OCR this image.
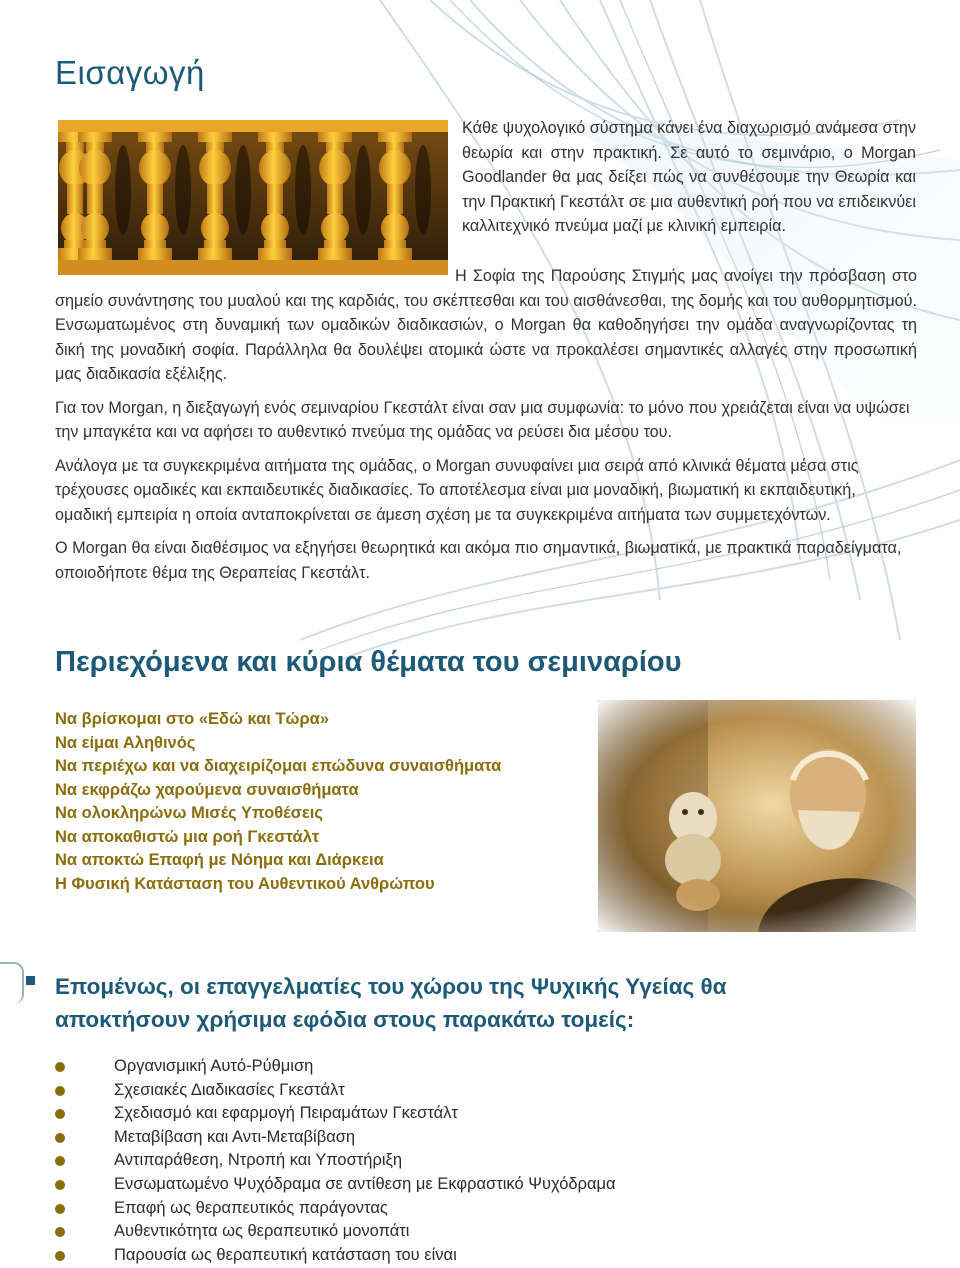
Εισαγωγή

Κάθε ψυχολογικό σύστημα κάνει ένα διαχωρισμό ανάμεσα στην θεωρία και στην πρακτική. Σε αυτό το σεμινάριο, ο Morgan Goodlander θα μας δείξει πώς να συνθέσουμε την Θεωρία και την Πρακτική Γκεστάλτ σε μια αυθεντική ροή που να επιδεικνύει καλλιτεχνικό πνεύμα μαζί με κλινική εμπειρία.

Η Σοφία της Παρούσης Στιγμής μας ανοίγει την πρόσβαση στο σημείο συνάντησης του μυαλού και της καρδιάς, του σκέπτεσθαι και του αισθάνεσθαι, της δομής και του αυθορμητισμού. Ενσωματωμένος στη δυναμική των ομαδικών διαδικασιών, ο Morgan θα καθοδηγήσει την ομάδα αναγνωρίζοντας τη δική της μοναδική σοφία. Παράλληλα θα δουλέψει ατομικά ώστε να προκαλέσει σημαντικές αλλαγές στην προσωπική μας διαδικασία εξέλιξης.

Για τον Morgan, η διεξαγωγή ενός σεμιναρίου Γκεστάλτ είναι σαν μια συμφωνία: το μόνο που χρειάζεται είναι να υψώσει την μπαγκέτα και να αφήσει το αυθεντικό πνεύμα της ομάδας να ρεύσει δια μέσου του.

Ανάλογα με τα συγκεκριμένα αιτήματα της ομάδας, ο Morgan συνυφαίνει μια σειρά από κλινικά θέματα μέσα στις τρέχουσες ομαδικές και εκπαιδευτικές διαδικασίες. Το αποτέλεσμα είναι μια μοναδική, βιωματική κι εκπαιδευτική, ομαδική εμπειρία η οποία ανταποκρίνεται σε άμεση σχέση με τα συγκεκριμένα αιτήματα των συμμετεχόντων.

Ο Morgan θα είναι διαθέσιμος να εξηγήσει θεωρητικά και ακόμα πιο σημαντικά, βιωματικά, με πρακτικά παραδείγματα, οποιοδήποτε θέμα της Θεραπείας Γκεστάλτ.

Περιεχόμενα και κύρια θέματα του σεμιναρίου
Να βρίσκομαι στο «Εδώ και Τώρα»
Να είμαι Αληθινός
Να περιέχω και να διαχειρίζομαι επώδυνα συναισθήματα
Να εκφράζω χαρούμενα συναισθήματα
Να ολοκληρώνω Μισές Υποθέσεις
Να αποκαθιστώ μια ροή Γκεστάλτ
Να αποκτώ Επαφή με Νόημα και Διάρκεια
Η Φυσική Κατάσταση του Αυθεντικού Ανθρώπου
Επομένως, οι επαγγελματίες του χώρου της Ψυχικής Υγείας θα αποκτήσουν χρήσιμα εφόδια στους παρακάτω τομείς:
Οργανισμική Αυτό-Ρύθμιση
Σχεσιακές Διαδικασίες Γκεστάλτ
Σχεδιασμό και εφαρμογή Πειραμάτων Γκεστάλτ
Μεταβίβαση και Αντι-Μεταβίβαση
Αντιπαράθεση, Ντροπή και Υποστήριξη
Ενσωματωμένο Ψυχόδραμα σε αντίθεση με Εκφραστικό Ψυχόδραμα
Επαφή ως θεραπευτικός παράγοντας
Αυθεντικότητα ως θεραπευτικό μονοπάτι
Παρουσία ως θεραπευτική κατάσταση του είναι
